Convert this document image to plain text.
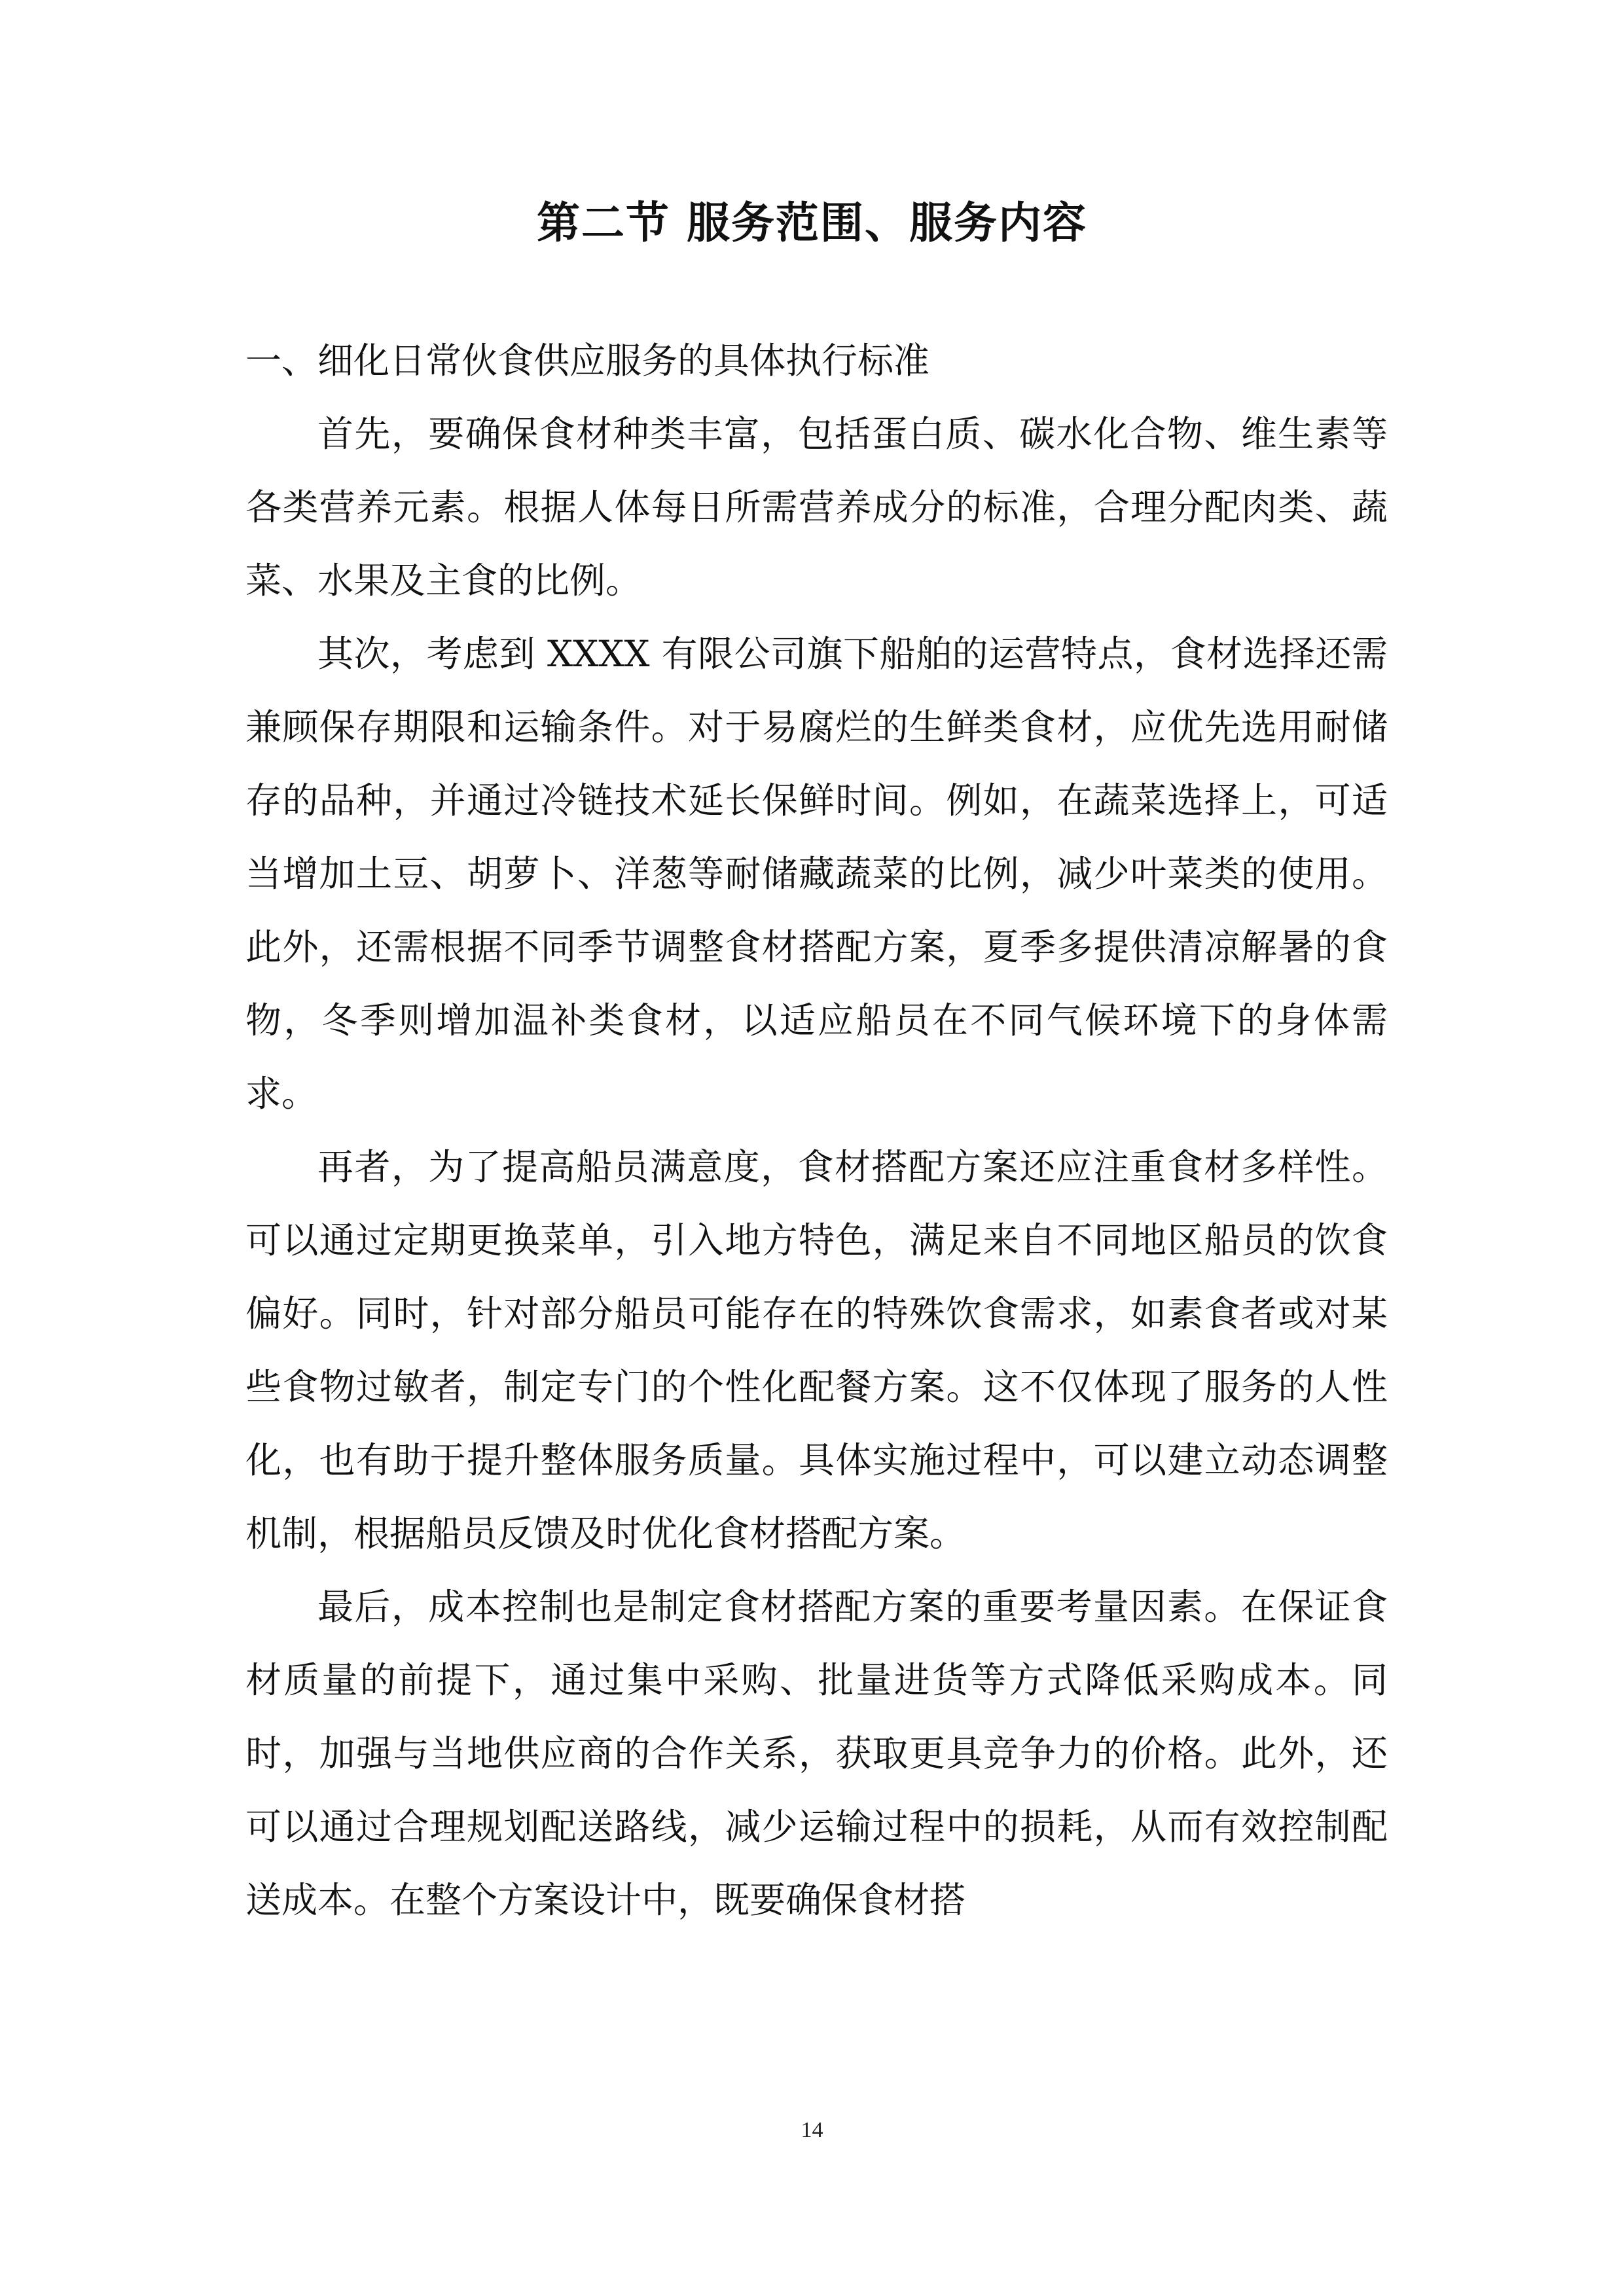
第二节 服务范围、服务内容
一、细化日常伙食供应服务的具体执行标准

首先，要确保食材种类丰富，包括蛋白质、碳水化合物、维生素等各类营养元素。根据人体每日所需营养成分的标准，合理分配肉类、蔬菜、水果及主食的比例。

其次，考虑到 XXXX 有限公司旗下船舶的运营特点，食材选择还需兼顾保存期限和运输条件。对于易腐烂的生鲜类食材，应优先选用耐储存的品种，并通过冷链技术延长保鲜时间。例如，在蔬菜选择上，可适当增加土豆、胡萝卜、洋葱等耐储藏蔬菜的比例，减少叶菜类的使用。此外，还需根据不同季节调整食材搭配方案，夏季多提供清凉解暑的食物，冬季则增加温补类食材，以适应船员在不同气候环境下的身体需求。

再者，为了提高船员满意度，食材搭配方案还应注重食材多样性。可以通过定期更换菜单，引入地方特色，满足来自不同地区船员的饮食偏好。同时，针对部分船员可能存在的特殊饮食需求，如素食者或对某些食物过敏者，制定专门的个性化配餐方案。这不仅体现了服务的人性化，也有助于提升整体服务质量。具体实施过程中，可以建立动态调整机制，根据船员反馈及时优化食材搭配方案。

最后，成本控制也是制定食材搭配方案的重要考量因素。在保证食材质量的前提下，通过集中采购、批量进货等方式降低采购成本。同时，加强与当地供应商的合作关系，获取更具竞争力的价格。此外，还可以通过合理规划配送路线，减少运输过程中的损耗，从而有效控制配送成本。在整个方案设计中，既要确保食材搭

14
